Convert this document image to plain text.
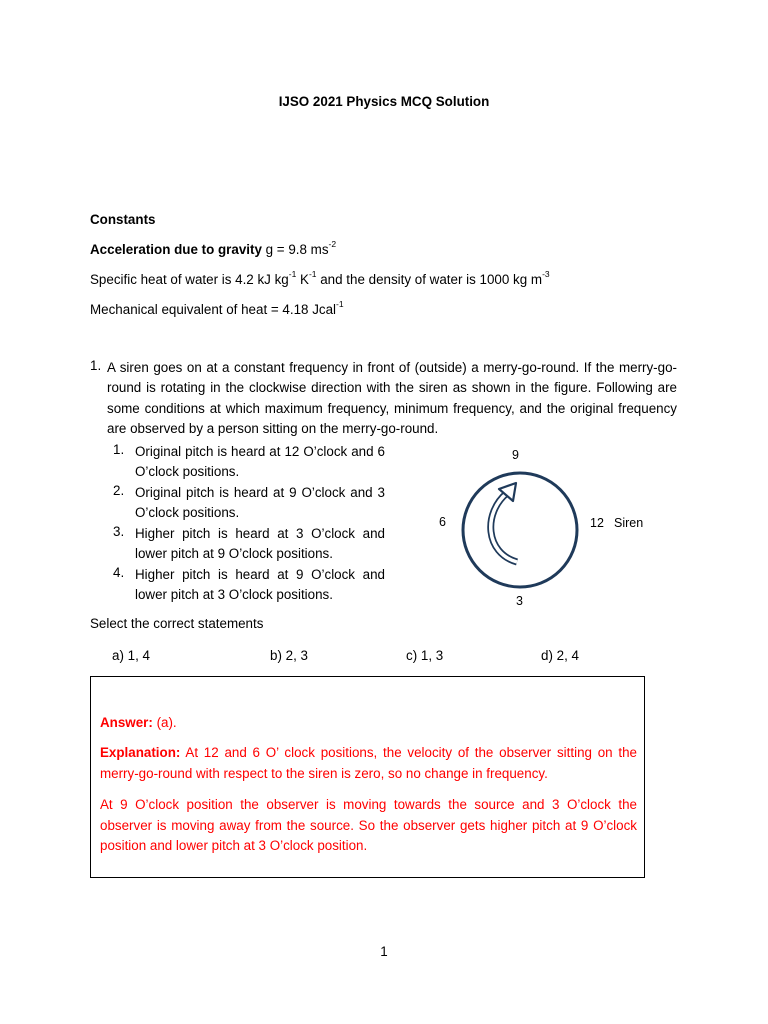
IJSO 2021 Physics MCQ Solution
Constants
Acceleration due to gravity g = 9.8 $ms^{-2}$
Specific heat of water is 4.2 kJ $kg^{-1}$ $K^{-1}$ and the density of water is 1000 kg $m^{-3}$
Mechanical equivalent of heat = 4.18 Jcal$^{-1}$
1. A siren goes on at a constant frequency in front of (outside) a merry-go-round. If the merry-go-round is rotating in the clockwise direction with the siren as shown in the figure. Following are some conditions at which maximum frequency, minimum frequency, and the original frequency are observed by a person sitting on the merry-go-round.
1. Original pitch is heard at 12 O’clock and 6 O’clock positions.
2. Original pitch is heard at 9 O’clock and 3 O’clock positions.
3. Higher pitch is heard at 3 O’clock and lower pitch at 9 O’clock positions.
4. Higher pitch is heard at 9 O’clock and lower pitch at 3 O’clock positions.
9
6	12 Siren
3
Select the correct statements
a) 1, 4	b) 2, 3	c) 1, 3	d) 2, 4
Answer: (a).
Explanation: At 12 and 6 O’ clock positions, the velocity of the observer sitting on the merry-go-round with respect to the siren is zero, so no change in frequency.
At 9 O’clock position the observer is moving towards the source and 3 O’clock the observer is moving away from the source. So the observer gets higher pitch at 9 O’clock position and lower pitch at 3 O’clock position.
1
